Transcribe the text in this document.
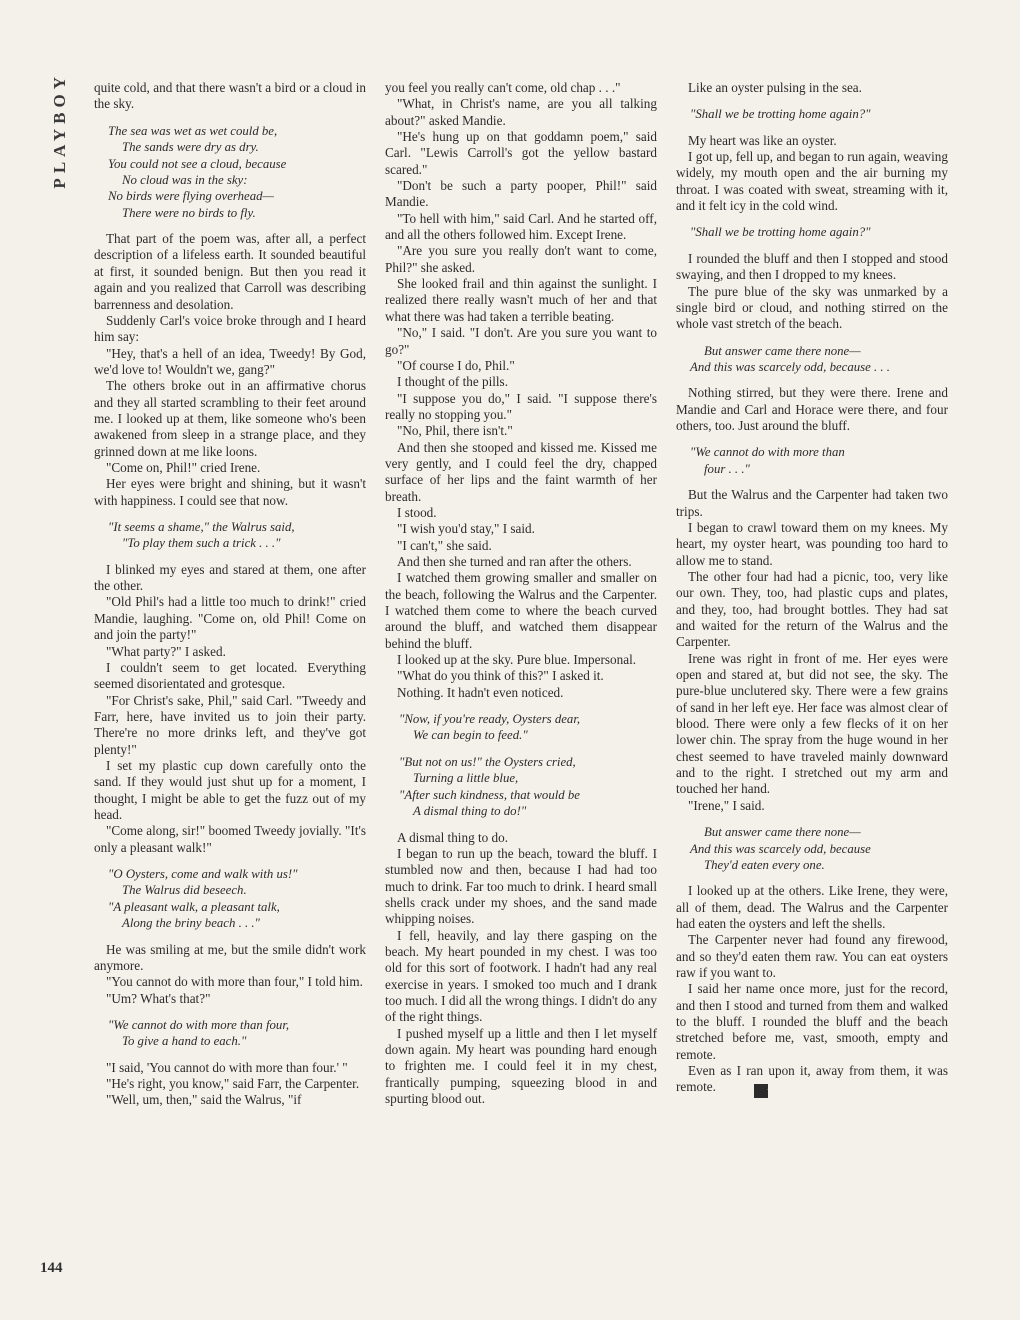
PLAYBOY quite cold, and that there wasn't a bird or a cloud in the sky.

The sea was wet as wet could be,
The sands were dry as dry.
You could not see a cloud, because
No cloud was in the sky:
No birds were flying overhead—
There were no birds to fly.

That part of the poem was, after all, a perfect description of a lifeless earth. It sounded beautiful at first, it sounded benign. But then you read it again and you realized that Carroll was describing barrenness and desolation.

Suddenly Carl's voice broke through and I heard him say:

"Hey, that's a hell of an idea, Tweedy! By God, we'd love to! Wouldn't we, gang?"

The others broke out in an affirmative chorus and they all started scrambling to their feet around me. I looked up at them, like someone who's been awakened from sleep in a strange place, and they grinned down at me like loons.

"Come on, Phil!" cried Irene.

Her eyes were bright and shining, but it wasn't with happiness. I could see that now.

"It seems a shame," the Walrus said,
"To play them such a trick . . ."

I blinked my eyes and stared at them, one after the other.

"Old Phil's had a little too much to drink!" cried Mandie, laughing. "Come on, old Phil! Come on and join the party!"

"What party?" I asked.

I couldn't seem to get located. Everything seemed disorientated and grotesque.

"For Christ's sake, Phil," said Carl. "Tweedy and Farr, here, have invited us to join their party. There're no more drinks left, and they've got plenty!"

I set my plastic cup down carefully onto the sand. If they would just shut up for a moment, I thought, I might be able to get the fuzz out of my head.

"Come along, sir!" boomed Tweedy jovially. "It's only a pleasant walk!"

"O Oysters, come and walk with us!"
The Walrus did beseech.
"A pleasant walk, a pleasant talk,
Along the briny beach . . ."

He was smiling at me, but the smile didn't work anymore.

"You cannot do with more than four," I told him.

"Um? What's that?"

"We cannot do with more than four,
To give a hand to each."

"I said, 'You cannot do with more than four.' "

"He's right, you know," said Farr, the Carpenter.

"Well, um, then," said the Walrus, "if

you feel you really can't come, old chap . . ."

"What, in Christ's name, are you all talking about?" asked Mandie.

"He's hung up on that goddamn poem," said Carl. "Lewis Carroll's got the yellow bastard scared."

"Don't be such a party pooper, Phil!" said Mandie.

"To hell with him," said Carl. And he started off, and all the others followed him. Except Irene.

"Are you sure you really don't want to come, Phil?" she asked.

She looked frail and thin against the sunlight. I realized there really wasn't much of her and that what there was had taken a terrible beating.

"No," I said. "I don't. Are you sure you want to go?"

"Of course I do, Phil."

I thought of the pills.

"I suppose you do," I said. "I suppose there's really no stopping you."

"No, Phil, there isn't."

And then she stooped and kissed me. Kissed me very gently, and I could feel the dry, chapped surface of her lips and the faint warmth of her breath.

I stood.

"I wish you'd stay," I said.

"I can't," she said.

And then she turned and ran after the others.

I watched them growing smaller and smaller on the beach, following the Walrus and the Carpenter. I watched them come to where the beach curved around the bluff, and watched them disappear behind the bluff.

I looked up at the sky. Pure blue. Impersonal.

"What do you think of this?" I asked it.

Nothing. It hadn't even noticed.

"Now, if you're ready, Oysters dear,
We can begin to feed."
"But not on us!" the Oysters cried,
Turning a little blue,
"After such kindness, that would be
A dismal thing to do!"

A dismal thing to do.

I began to run up the beach, toward the bluff. I stumbled now and then, because I had had too much to drink. Far too much to drink. I heard small shells crack under my shoes, and the sand made whipping noises.

I fell, heavily, and lay there gasping on the beach. My heart pounded in my chest. I was too old for this sort of footwork. I hadn't had any real exercise in years. I smoked too much and I drank too much. I did all the wrong things. I didn't do any of the right things.

I pushed myself up a little and then I let myself down again. My heart was pounding hard enough to frighten me. I could feel it in my chest, frantically pumping, squeezing blood in and spurting blood out.

Like an oyster pulsing in the sea.

"Shall we be trotting home again?"

My heart was like an oyster.

I got up, fell up, and began to run again, weaving widely, my mouth open and the air burning my throat. I was coated with sweat, streaming with it, and it felt icy in the cold wind.

"Shall we be trotting home again?"

I rounded the bluff and then I stopped and stood swaying, and then I dropped to my knees.

The pure blue of the sky was unmarked by a single bird or cloud, and nothing stirred on the whole vast stretch of the beach.

But answer came there none—
And this was scarcely odd, because . . .

Nothing stirred, but they were there. Irene and Mandie and Carl and Horace were there, and four others, too. Just around the bluff.

"We cannot do with more than
four . . ."

But the Walrus and the Carpenter had taken two trips.

I began to crawl toward them on my knees. My heart, my oyster heart, was pounding too hard to allow me to stand.

The other four had had a picnic, too, very like our own. They, too, had plastic cups and plates, and they, too, had brought bottles. They had sat and waited for the return of the Walrus and the Carpenter.

Irene was right in front of me. Her eyes were open and stared at, but did not see, the sky. The pure-blue unclutered sky. There were a few grains of sand in her left eye. Her face was almost clear of blood. There were only a few flecks of it on her lower chin. The spray from the huge wound in her chest seemed to have traveled mainly downward and to the right. I stretched out my arm and touched her hand.

"Irene," I said.

But answer came there none—
And this was scarcely odd, because
They'd eaten every one.

I looked up at the others. Like Irene, they were, all of them, dead. The Walrus and the Carpenter had eaten the oysters and left the shells.

The Carpenter never had found any firewood, and so they'd eaten them raw. You can eat oysters raw if you want to.

I said her name once more, just for the record, and then I stood and turned from them and walked to the bluff. I rounded the bluff and the beach stretched before me, vast, smooth, empty and remote.

Even as I ran upon it, away from them, it was remote.	♦

144
